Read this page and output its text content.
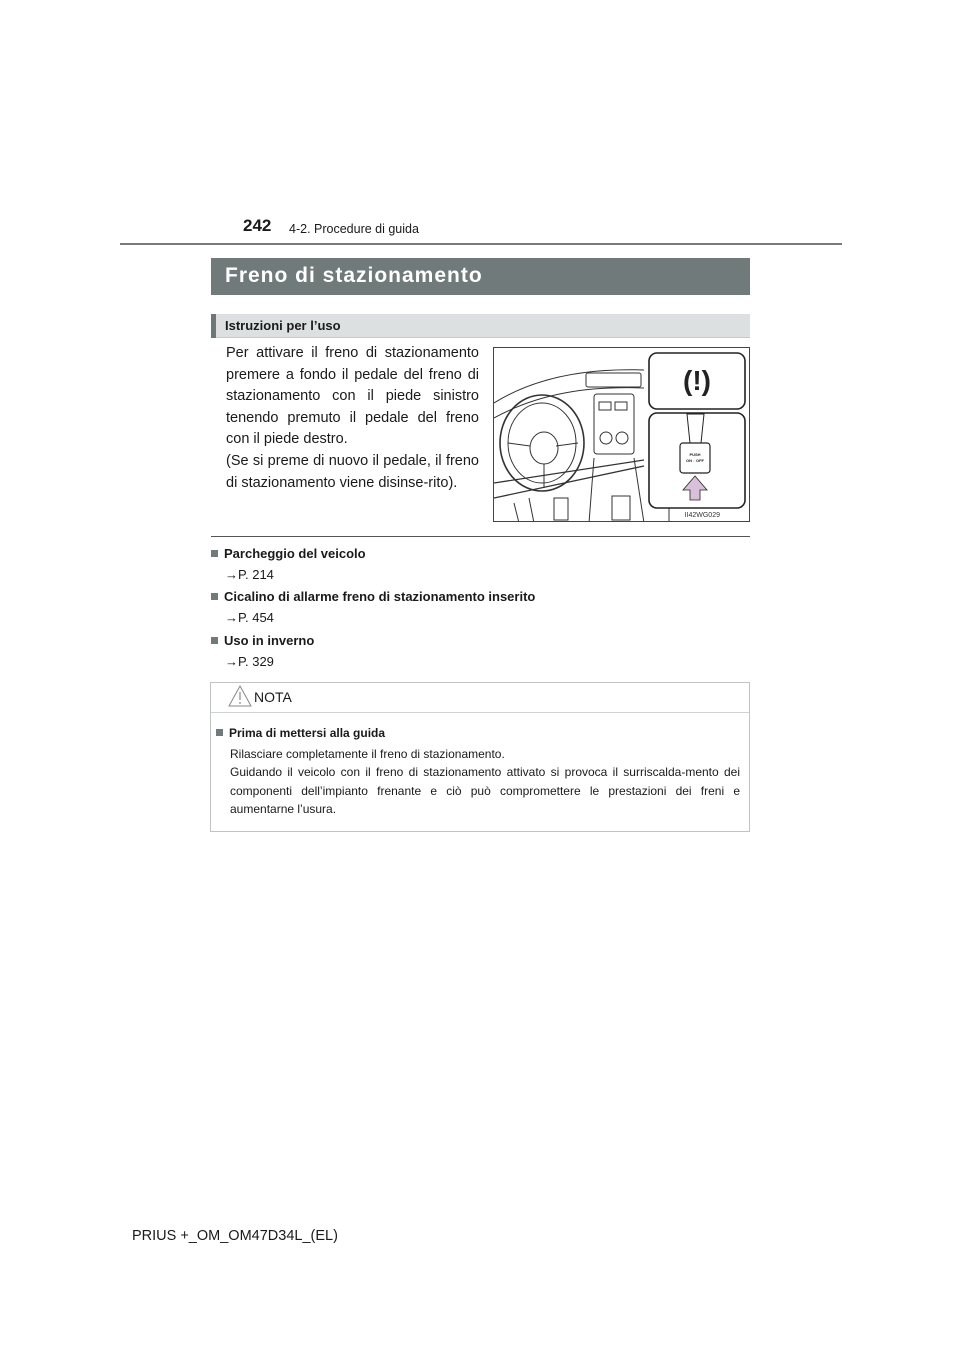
242 4-2. Procedure di guida
Freno di stazionamento
Istruzioni per l’uso

Per attivare il freno di stazionamento premere a fondo il pedale del freno di stazionamento con il piede sinistro tenendo premuto il pedale del freno con il piede destro.

(Se si preme di nuovo il pedale, il freno di stazionamento viene disinse-rito).

II42WG029
PUSH
ON⇔OFF
(!)
Parcheggio del veicolo
→P. 214
Cicalino di allarme freno di stazionamento inserito
→P. 454
Uso in inverno
→P. 329
NOTA
Prima di mettersi alla guida

Rilasciare completamente il freno di stazionamento.

Guidando il veicolo con il freno di stazionamento attivato si provoca il surriscalda-mento dei componenti dell’impianto frenante e ciò può compromettere le prestazioni dei freni e aumentarne l’usura.

PRIUS +_OM_OM47D34L_(EL)
